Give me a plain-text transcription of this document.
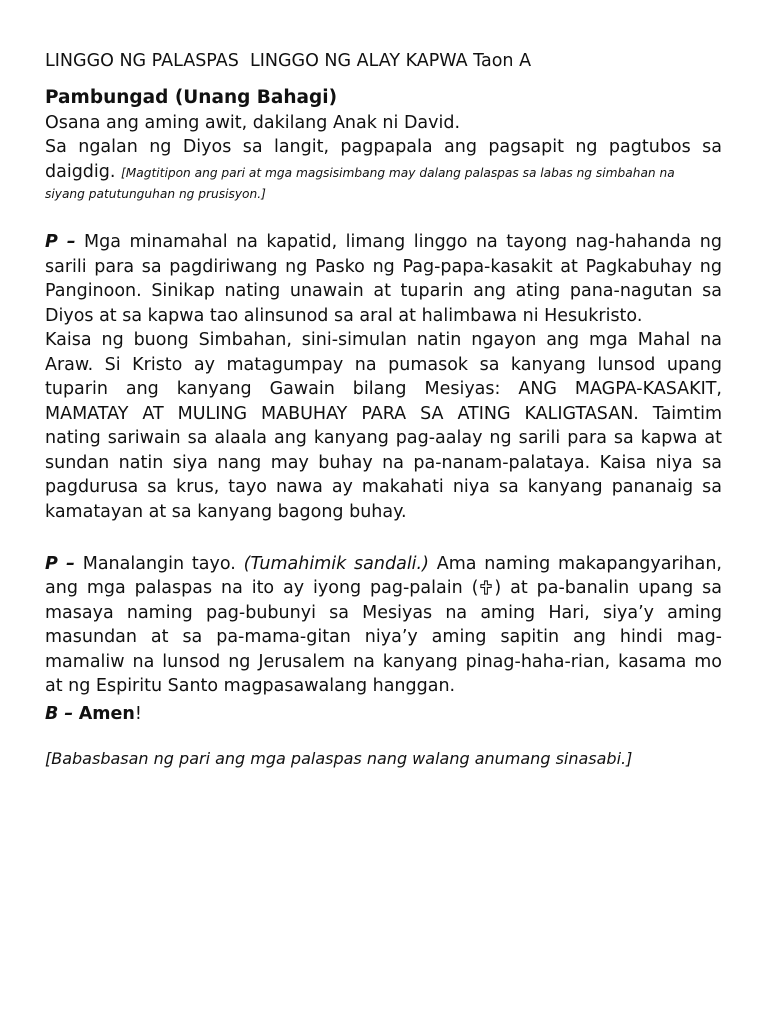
LINGGO NG PALASPAS  LINGGO NG ALAY KAPWA Taon A
Pambungad (Unang Bahagi)
Osana ang aming awit, dakilang Anak ni David.
Sa ngalan ng Diyos sa langit, pagpapala ang pagsapit ng pagtubos sa
daigdig. [Magtitipon ang pari at mga magsisimbang may dalang palaspas sa labas ng simbahan na
siyang patutunguhan ng prusisyon.]
P – Mga minamahal na kapatid, limang linggo na tayong nag-hahanda ng
sarili para sa pagdiriwang ng Pasko ng Pag-papa-kasakit at Pagkabuhay ng
Panginoon. Sinikap nating unawain at tuparin ang ating pana-nagutan sa
Diyos at sa kapwa tao alinsunod sa aral at halimbawa ni Hesukristo.
Kaisa ng buong Simbahan, sini-simulan natin ngayon ang mga Mahal na
Araw. Si Kristo ay matagumpay na pumasok sa kanyang lunsod upang
tuparin ang kanyang Gawain bilang Mesiyas: ANG MAGPA-KASAKIT,
MAMATAY AT MULING MABUHAY PARA SA ATING KALIGTASAN. Taimtim
nating sariwain sa alaala ang kanyang pag-aalay ng sarili para sa kapwa at
sundan natin siya nang may buhay na pa-nanam-palataya. Kaisa niya sa
pagdurusa sa krus, tayo nawa ay makahati niya sa kanyang pananaig sa
kamatayan at sa kanyang bagong buhay.
P – Manalangin tayo. (Tumahimik sandali.) Ama naming makapangyarihan,
ang mga palaspas na ito ay iyong pag-palain ( ) at pa-banalin upang sa
masaya naming pag-bubunyi sa Mesiyas na aming Hari, siya’y aming
masundan at sa pa-mama-gitan niya’y aming sapitin ang hindi mag-
mamaliw na lunsod ng Jerusalem na kanyang pinag-haha-rian, kasama mo
at ng Espiritu Santo magpasawalang hanggan.
B – Amen!
[Babasbasan ng pari ang mga palaspas nang walang anumang sinasabi.]
